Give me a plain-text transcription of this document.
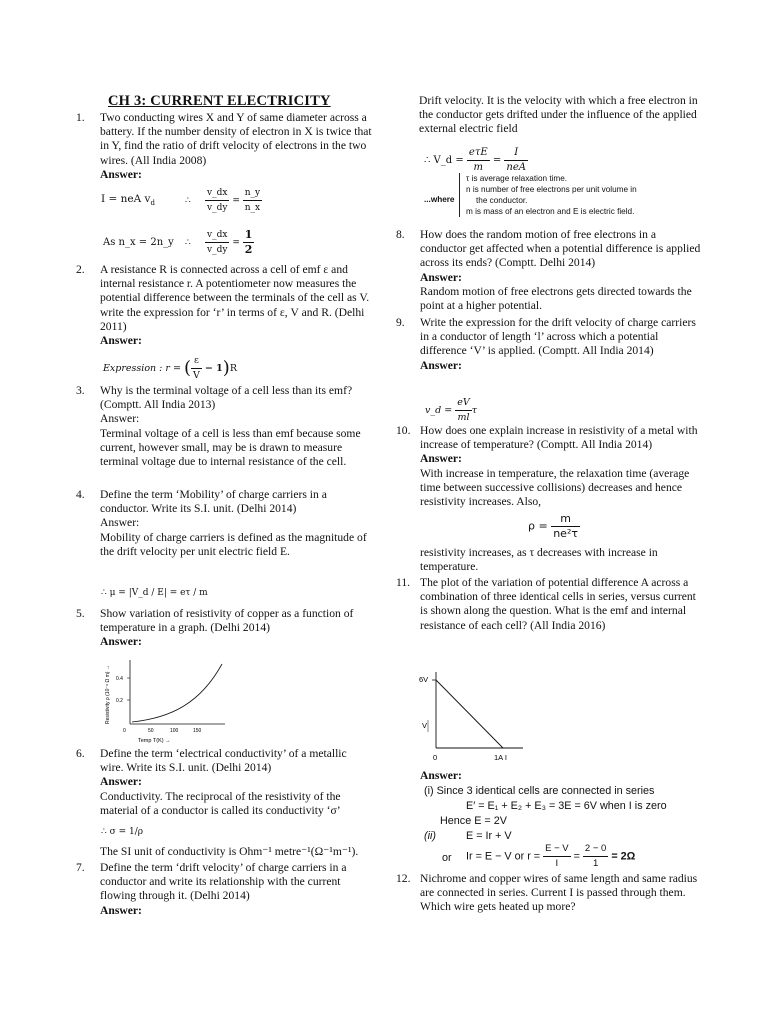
CH 3: CURRENT ELECTRICITY
1. Two conducting wires X and Y of same diameter across a battery. If the number density of electron in X is twice that in Y, find the ratio of drift velocity of electrons in the two wires. (All India 2008)
Answer:
I = neA $v_d$	∴ $\frac{v\_dx}{v\_dy} = \frac{n\_y}{n\_x}$
As n_x = 2n_y ∴ $\frac{v\_dx}{v\_dy} = \frac{1}{2}$
2. A resistance R is connected across a cell of emf ε and internal resistance r. A potentiometer now measures the potential difference between the terminals of the cell as V. write the expression for ‘r’ in terms of ε, V and R. (Delhi 2011)
Answer:
Expression : r = ( $\frac{\varepsilon}{V} - 1)R$
3. Why is the terminal voltage of a cell less than its emf? (Comptt. All India 2013)
Answer:
Terminal voltage of a cell is less than emf because some current, however small, may be is drawn to measure terminal voltage due to internal resistance of the cell.
4. Define the term ‘Mobility’ of charge carriers in a conductor. Write its S.I. unit. (Delhi 2014)
Answer:
Mobility of charge carriers is defined as the magnitude of the drift velocity per unit electric field E.
∴ μ = |V_d / E| = eτ / m
5. Show variation of resistivity of copper as a function of temperature in a graph. (Delhi 2014)
Answer:
Resistivity ρ (10⁻⁸ Ω m) → 0.4
0.2
0	50	100	150
Temp T(K) →
6. Define the term ‘electrical conductivity’ of a metallic wire. Write its S.I. unit. (Delhi 2014)
Answer:
Conductivity. The reciprocal of the resistivity of the material of a conductor is called its conductivity ‘σ’
∴ σ = 1/ρ
The SI unit of conductivity is Ohm⁻¹ metre⁻¹(Ω⁻¹m⁻¹).
7. Define the term ‘drift velocity’ of charge carriers in a conductor and write its relationship with the current flowing through it. (Delhi 2014)
Answer:
Drift velocity. It is the velocity with which a free electron in the conductor gets drifted under the influence of the applied external electric field
∴ V_d = $\frac{\text{eτE}}{m} = \frac{I}{\text{neA}}$
...where
τ is average relaxation time.
n is number of free electrons per unit volume in
the conductor.
m is mass of an electron and E is electric field.
8. How does the random motion of free electrons in a conductor get affected when a potential difference is applied across its ends? (Comptt. Delhi 2014)
Answer:
Random motion of free electrons gets directed towards the point at a higher potential.
9. Write the expression for the drift velocity of charge carriers in a conductor of length ‘l’ across which a potential difference ‘V’ is applied. (Comptt. All India 2014)
Answer:
v_d = $\frac{eV}{ml}$ τ
10. How does one explain increase in resistivity of a metal with increase of temperature? (Comptt. All India 2014)
Answer:
With increase in temperature, the relaxation time (average time between successive collisions) decreases and hence resistivity increases. Also,
$\rho = \frac{m}{\text{ne²τ}}$
resistivity increases, as τ decreases with increase in temperature.
11. The plot of the variation of potential difference A across a combination of three identical cells in series, versus current is shown along the question. What is the emf and internal resistance of each cell? (All India 2016)
6V
V
0	1A I
Answer:
(i) Since 3 identical cells are connected in series
E′ = E₁ + E₂ + E₃ = 3E = 6V when I is zero
Hence E = 2V
(ii)	E = Ir + V
or Ir = E − V or $r = \frac{E - V}{I} = \frac{2 - 0}{1} = 2\Omega$
12. Nichrome and copper wires of same length and same radius are connected in series. Current I is passed through them. Which wire gets heated up more?
